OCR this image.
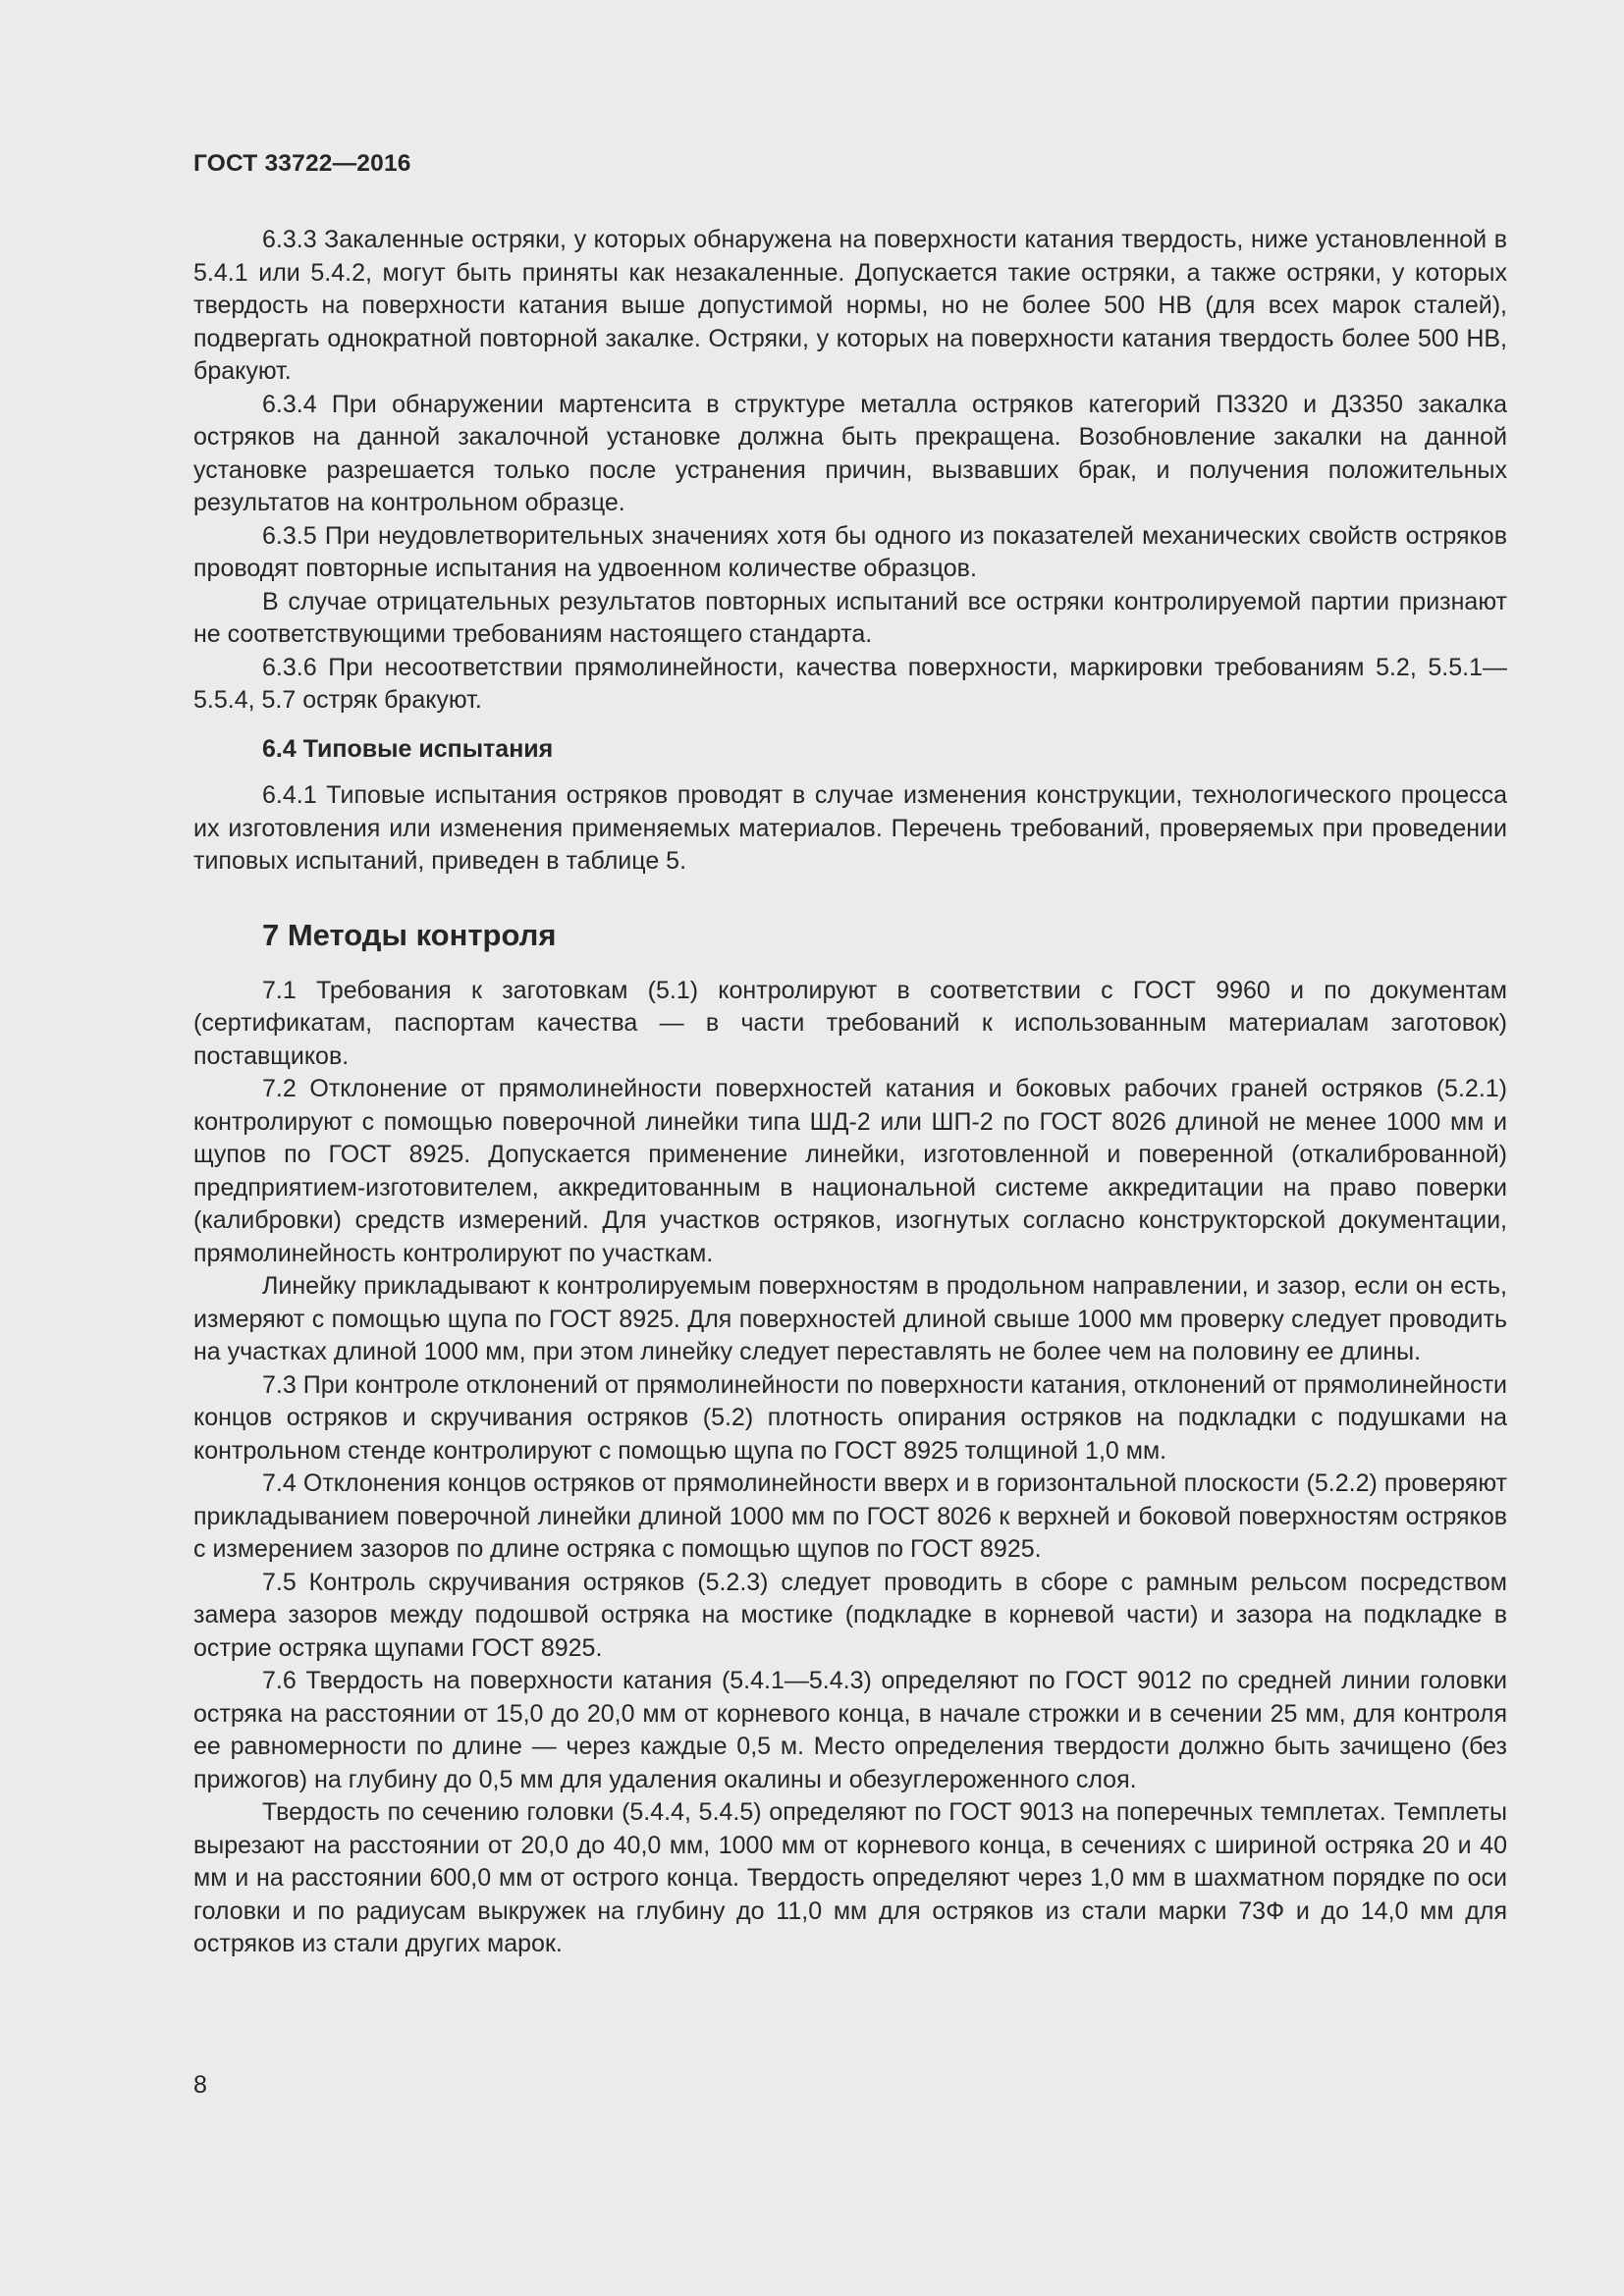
ГОСТ 33722—2016

6.3.3 Закаленные остряки, у которых обнаружена на поверхности катания твердость, ниже установленной в 5.4.1 или 5.4.2, могут быть приняты как незакаленные. Допускается такие остряки, а также остряки, у которых твердость на поверхности катания выше допустимой нормы, но не более 500 НВ (для всех марок сталей), подвергать однократной повторной закалке. Остряки, у которых на поверхности катания твердость более 500 НВ, бракуют.

6.3.4 При обнаружении мартенсита в структуре металла остряков категорий П3320 и Д3350 закалка остряков на данной закалочной установке должна быть прекращена. Возобновление закалки на данной установке разрешается только после устранения причин, вызвавших брак, и получения положительных результатов на контрольном образце.

6.3.5 При неудовлетворительных значениях хотя бы одного из показателей механических свойств остряков проводят повторные испытания на удвоенном количестве образцов.

В случае отрицательных результатов повторных испытаний все остряки контролируемой партии признают не соответствующими требованиям настоящего стандарта.

6.3.6 При несоответствии прямолинейности, качества поверхности, маркировки требованиям 5.2, 5.5.1—5.5.4, 5.7 остряк бракуют.

6.4 Типовые испытания

6.4.1 Типовые испытания остряков проводят в случае изменения конструкции, технологического процесса их изготовления или изменения применяемых материалов. Перечень требований, проверяемых при проведении типовых испытаний, приведен в таблице 5.

7 Методы контроля

7.1 Требования к заготовкам (5.1) контролируют в соответствии с ГОСТ 9960 и по документам (сертификатам, паспортам качества — в части требований к использованным материалам заготовок) поставщиков.

7.2 Отклонение от прямолинейности поверхностей катания и боковых рабочих граней остряков (5.2.1) контролируют с помощью поверочной линейки типа ШД-2 или ШП-2 по ГОСТ 8026 длиной не менее 1000 мм и щупов по ГОСТ 8925. Допускается применение линейки, изготовленной и поверенной (откалиброванной) предприятием-изготовителем, аккредитованным в национальной системе аккредитации на право поверки (калибровки) средств измерений. Для участков остряков, изогнутых согласно конструкторской документации, прямолинейность контролируют по участкам.

Линейку прикладывают к контролируемым поверхностям в продольном направлении, и зазор, если он есть, измеряют с помощью щупа по ГОСТ 8925. Для поверхностей длиной свыше 1000 мм проверку следует проводить на участках длиной 1000 мм, при этом линейку следует переставлять не более чем на половину ее длины.

7.3 При контроле отклонений от прямолинейности по поверхности катания, отклонений от прямолинейности концов остряков и скручивания остряков (5.2) плотность опирания остряков на подкладки с подушками на контрольном стенде контролируют с помощью щупа по ГОСТ 8925 толщиной 1,0 мм.

7.4 Отклонения концов остряков от прямолинейности вверх и в горизонтальной плоскости (5.2.2) проверяют прикладыванием поверочной линейки длиной 1000 мм по ГОСТ 8026 к верхней и боковой поверхностям остряков с измерением зазоров по длине остряка с помощью щупов по ГОСТ 8925.

7.5 Контроль скручивания остряков (5.2.3) следует проводить в сборе с рамным рельсом посредством замера зазоров между подошвой остряка на мостике (подкладке в корневой части) и зазора на подкладке в острие остряка щупами ГОСТ 8925.

7.6 Твердость на поверхности катания (5.4.1—5.4.3) определяют по ГОСТ 9012 по средней линии головки остряка на расстоянии от 15,0 до 20,0 мм от корневого конца, в начале строжки и в сечении 25 мм, для контроля ее равномерности по длине — через каждые 0,5 м. Место определения твердости должно быть зачищено (без прижогов) на глубину до 0,5 мм для удаления окалины и обезуглероженного слоя.

Твердость по сечению головки (5.4.4, 5.4.5) определяют по ГОСТ 9013 на поперечных темплетах. Темплеты вырезают на расстоянии от 20,0 до 40,0 мм, 1000 мм от корневого конца, в сечениях с шириной остряка 20 и 40 мм и на расстоянии 600,0 мм от острого конца. Твердость определяют через 1,0 мм в шахматном порядке по оси головки и по радиусам выкружек на глубину до 11,0 мм для остряков из стали марки 73Ф и до 14,0 мм для остряков из стали других марок.

8
